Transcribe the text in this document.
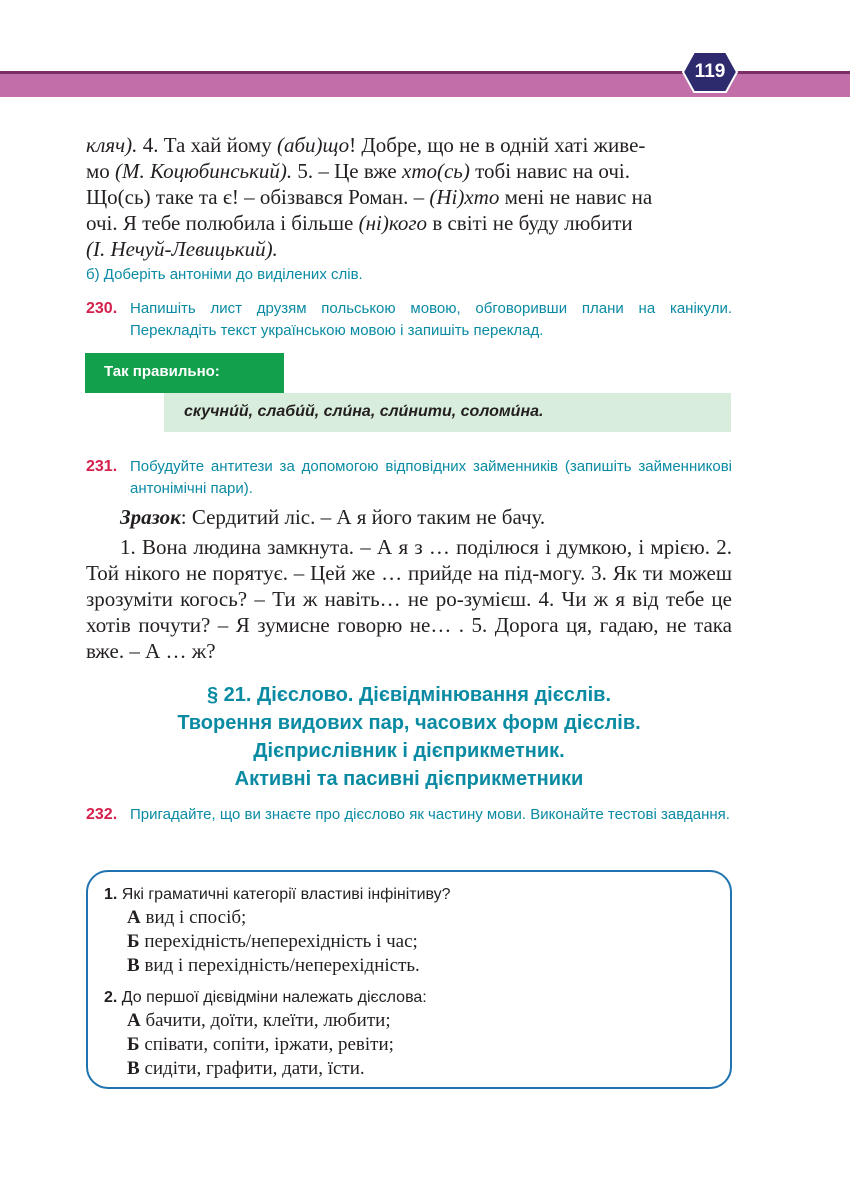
119
кляч). 4. Та хай йому (аби)що! Добре, що не в одній хаті живе-
мо (М. Коцюбинський). 5. – Це вже хто(сь) тобі навис на очі.
Що(сь) таке та є! – обізвався Роман. – (Ні)хто мені не навис на
очі. Я тебе полюбила і більше (ні)кого в світі не буду любити
(І. Нечуй-Левицький).
б) Доберіть антоніми до виділених слів.
230. Напишіть лист друзям польською мовою, обговоривши плани на канікули. Перекладіть текст українською мовою і запишіть переклад.
Так правильно:
скучни́й, слаби́й, сли́на, сли́нити, соломи́на.
231. Побудуйте антитези за допомогою відповідних займенників (запишіть займенникові антонімічні пари).
Зразок: Сердитий ліс. – А я його таким не бачу.
1. Вона людина замкнута. – А я з … поділюся і думкою, і мрією. 2. Той нікого не порятує. – Цей же … прийде на під-могу. 3. Як ти можеш зрозуміти когось? – Ти ж навіть… не ро-зумієш. 4. Чи ж я від тебе це хотів почути? – Я зумисне говорю не… . 5. Дорога ця, гадаю, не така вже. – А … ж?
§ 21. Дієслово. Дієвідмінювання дієслів.
Творення видових пар, часових форм дієслів.
Дієприслівник і дієприкметник.
Активні та пасивні дієприкметники
232. Пригадайте, що ви знаєте про дієслово як частину мови. Виконайте тестові завдання.
1. Які граматичні категорії властиві інфінітиву?
А вид і спосіб;
Б перехідність/неперехідність і час;
В вид і перехідність/неперехідність.
2. До першої дієвідміни належать дієслова:
А бачити, доїти, клеїти, любити;
Б співати, сопіти, іржати, ревіти;
В сидіти, графити, дати, їсти.
